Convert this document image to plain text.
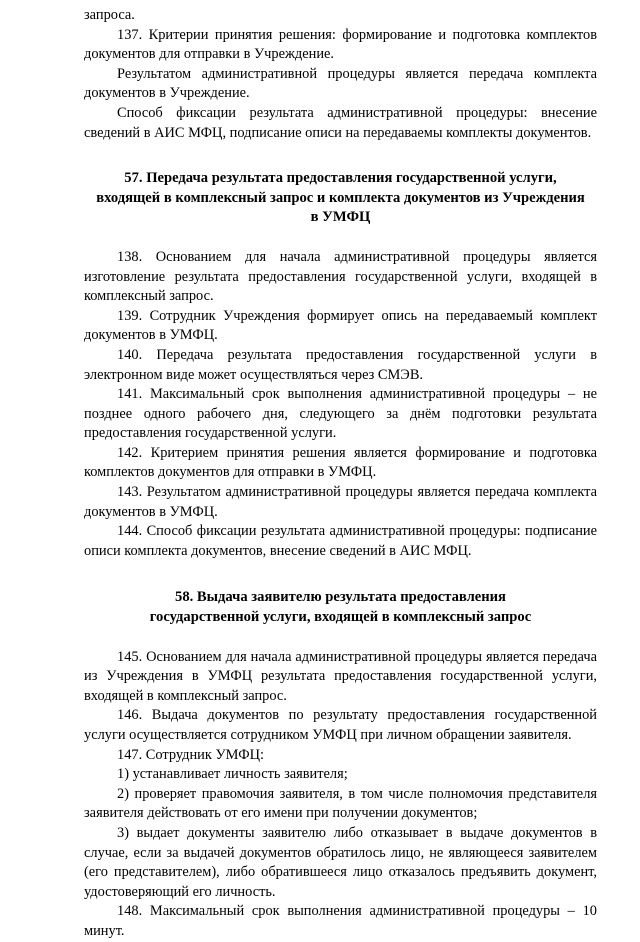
запроса.

137. Критерии принятия решения: формирование и подготовка комплектов документов для отправки в Учреждение.

Результатом административной процедуры является передача комплекта документов в Учреждение.

Способ фиксации результата административной процедуры: внесение сведений в АИС МФЦ, подписание описи на передаваемы комплекты документов.

57. Передача результата предоставления государственной услуги,
входящей в комплексный запрос и комплекта документов из Учреждения
в УМФЦ

138. Основанием для начала административной процедуры является изготовление результата предоставления государственной услуги, входящей в комплексный запрос.

139. Сотрудник Учреждения формирует опись на передаваемый комплект документов в УМФЦ.

140. Передача результата предоставления государственной услуги в электронном виде может осуществляться через СМЭВ.

141. Максимальный срок выполнения административной процедуры – не позднее одного рабочего дня, следующего за днём подготовки результата предоставления государственной услуги.

142. Критерием принятия решения является формирование и подготовка комплектов документов для отправки в УМФЦ.

143. Результатом административной процедуры является передача комплекта документов в УМФЦ.

144. Способ фиксации результата административной процедуры: подписание описи комплекта документов, внесение сведений в АИС МФЦ.

58. Выдача заявителю результата предоставления
государственной услуги, входящей в комплексный запрос

145. Основанием для начала административной процедуры является передача из Учреждения в УМФЦ результата предоставления государственной услуги, входящей в комплексный запрос.

146. Выдача документов по результату предоставления государственной услуги осуществляется сотрудником УМФЦ при личном обращении заявителя.

147. Сотрудник УМФЦ:

1) устанавливает личность заявителя;

2) проверяет правомочия заявителя, в том числе полномочия представителя заявителя действовать от его имени при получении документов;

3) выдает документы заявителю либо отказывает в выдаче документов в случае, если за выдачей документов обратилось лицо, не являющееся заявителем (его представителем), либо обратившееся лицо отказалось предъявить документ, удостоверяющий его личность.

148. Максимальный срок выполнения административной процедуры – 10 минут.
